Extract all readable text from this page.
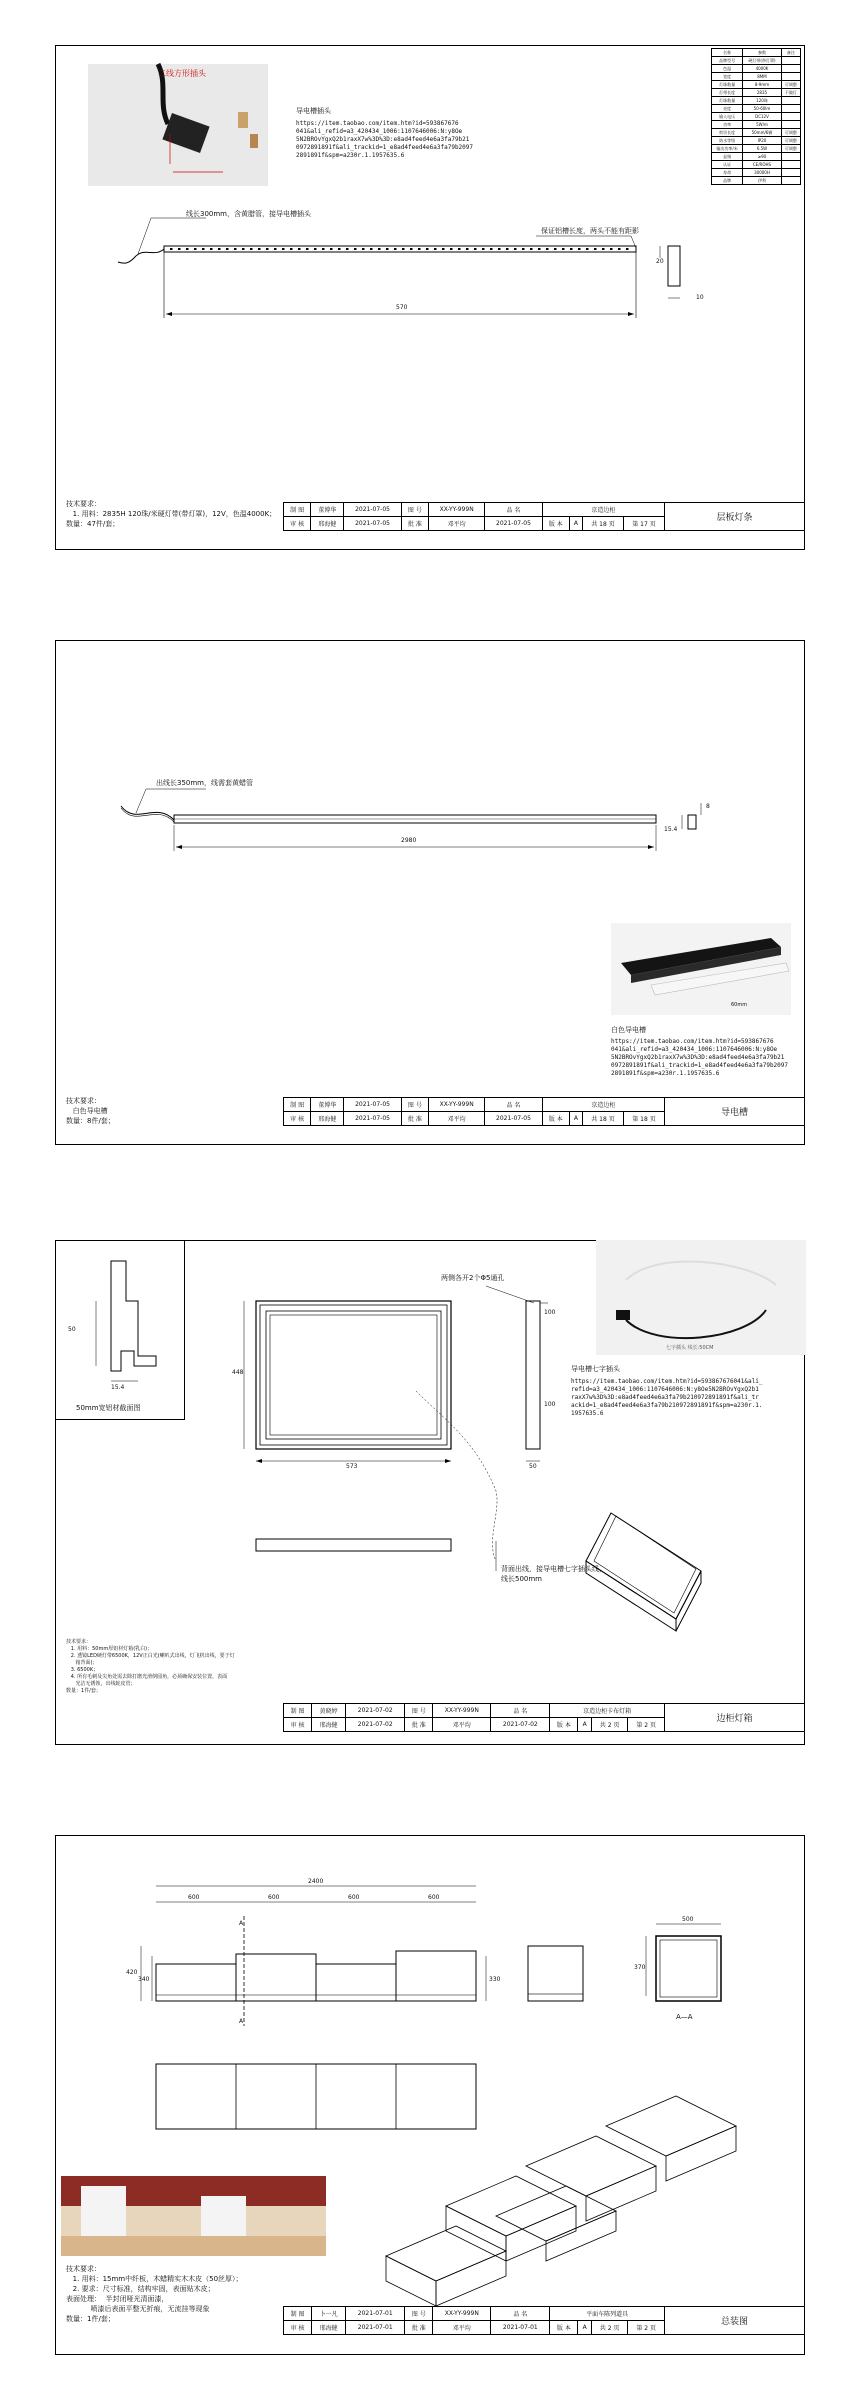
二线方形插头
导电槽插头
https://item.taobao.com/item.htm?id=593867676
041&ali_refid=a3_420434_1006:1107646006:N:y8Oe
5N2BROvYgxQ2b1raxX7w%3D%3D:e8ad4feed4e6a3fa79b21
0972891891f&ali_trackid=1_e8ad4feed4e6a3fa79b2097
2891891f&spm=a230r.1.1957635.6
名称	参数	备注
品牌型号	硬灯带(带灯罩)	
色温	4000K	
宽度	8MM	
灯珠数量	8-9mm	可调整
灯带长度	2835	不做灯
灯珠数量	120珠	
亮度	50-60lm	
输入电压	DC12V	
功率	5W/m	
剪切长度	50mm/6颗	可调整
防水等级	IP20	可调整
输出功率/米	6.5W	可调整
显指	≥90	
认证	CE/ROHS	
寿命	30000H	
品牌	伊利	
线长300mm，含黄腊管，接导电槽插头
保证铝槽长度，两头不能有距影
570
20
10
技术要求：
1. 用料：2835H 120珠/米硬灯带(带灯罩)，12V，色温4000K；
数量：47件/套；
制 图	董博华	2021-07-05	图 号	XX-YY-999N	品 名	京造边柜				层板灯条
审 核	邢海健	2021-07-05	批 准	邓平均	2021-07-05	版 本	A	共 18 页	第 17 页	
出线长350mm，线需套黄蜡管
2980
15.4
8
60mm
白色导电槽
https://item.taobao.com/item.htm?id=593867676
041&ali_refid=a3_420434_1006:1107646006:N:y8Oe
5N2BROvYgxQ2b1raxX7w%3D%3D:e8ad4feed4e6a3fa79b21
0972891891f&ali_trackid=1_e8ad4feed4e6a3fa79b2097
2891891f&spm=a230r.1.1957635.6
技术要求：
白色导电槽
数量：8件/套；
制 图	董博华	2021-07-05	图 号	XX-YY-999N	品 名	京造边柜				导电槽
审 核	邢海健	2021-07-05	批 准	邓平均	2021-07-05	版 本	A	共 18 页	第 18 页	
50
15.4
50mm宽铝材截面图
448
573
100
100
50
两侧各开2个Φ5通孔
七字插头 线长:50CM
导电槽七字插头
https://item.taobao.com/item.htm?id=593867676041&ali_
refid=a3_420434_1006:1107646006:N:y8Oe5N2BROvYgxQ2b1
raxX7w%3D%3D:e8ad4feed4e6a3fa79b210972891891f&ali_tr
ackid=1_e8ad4feed4e6a3fa79b210972891891f&spm=a230r.1.
1957635.6
背面出线，接导电槽七字插头线，
线长500mm
技术要求：
1. 用料：50mm厚铝材灯箱(乳白)；
2. 透镜LED硬灯带6500K，12V正白光(喇叭式出线，灯飞机出线，要于灯
箱背面)；
3. 6500K；
4. 所有毛刺及尖角处需去除打磨光滑倒圆角，必须确保安装位置，表面
光洁无锈蚀，出线蛇皮管；
数量：1件/套；
制 图	黄晓婷	2021-07-02	图 号	XX-YY-999N	品 名	京造边柜卡布灯箱				边柜灯箱
审 核	邢海健	2021-07-02	批 准	邓平均	2021-07-02	版 本	A	共 2 页	第 2 页	
2400
600	600	600	600
420
340	330
A
A
500
370
A—A
技术要求：
1. 用料：15mm中纤板，木蜡精实木木皮（50丝厚）；
2. 要求：尺寸标准，结构牢固，表面贴木皮；
表面处理：  半封闭哑光清面漆，
喷漆后表面平整无折痕，无流挂等现象
数量：1件/套；
制 图	卜一凡	2021-07-01	图 号	XX-YY-999N	品 名	平面车陈列道具				总装图
审 核	邢海健	2021-07-01	批 准	邓平均	2021-07-01	版 本	A	共 2 页	第 2 页	
